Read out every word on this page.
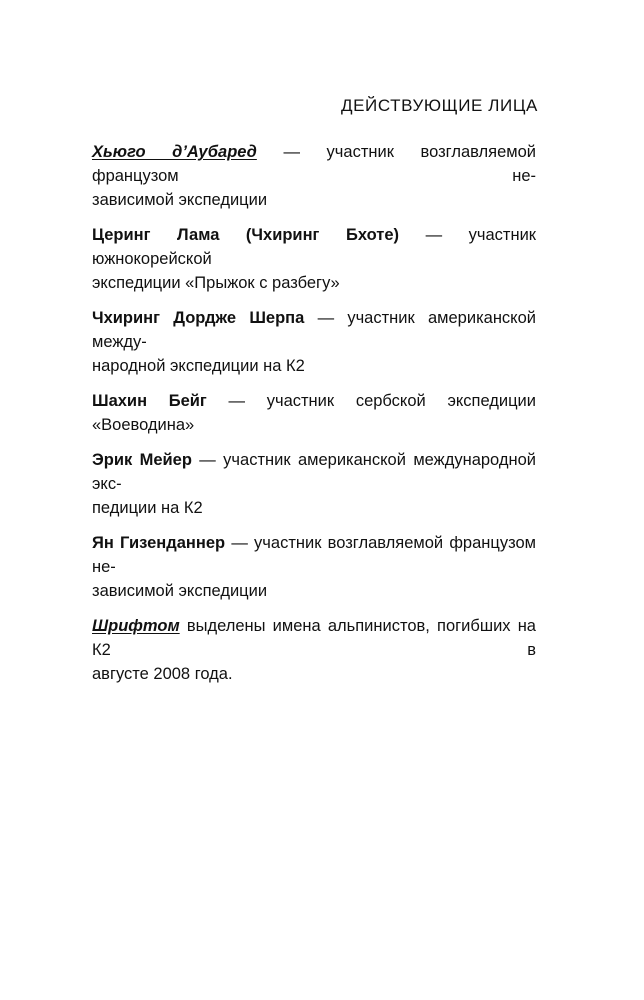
ДЕЙСТВУЮЩИЕ ЛИЦА
Хьюго д’Аубаред — участник возглавляемой французом не-
зависимой экспедиции
Церинг Лама (Чхиринг Бхоте) — участник южнокорейской
экспедиции «Прыжок с разбегу»
Чхиринг Дордже Шерпа — участник американской между-
народной экспедиции на К2
Шахин Бейг — участник сербской экспедиции «Воеводина»
Эрик Мейер — участник американской международной экс-
педиции на К2
Ян Гизенданнер — участник возглавляемой французом не-
зависимой экспедиции
Шрифтом выделены имена альпинистов, погибших на К2 в
августе 2008 года.
